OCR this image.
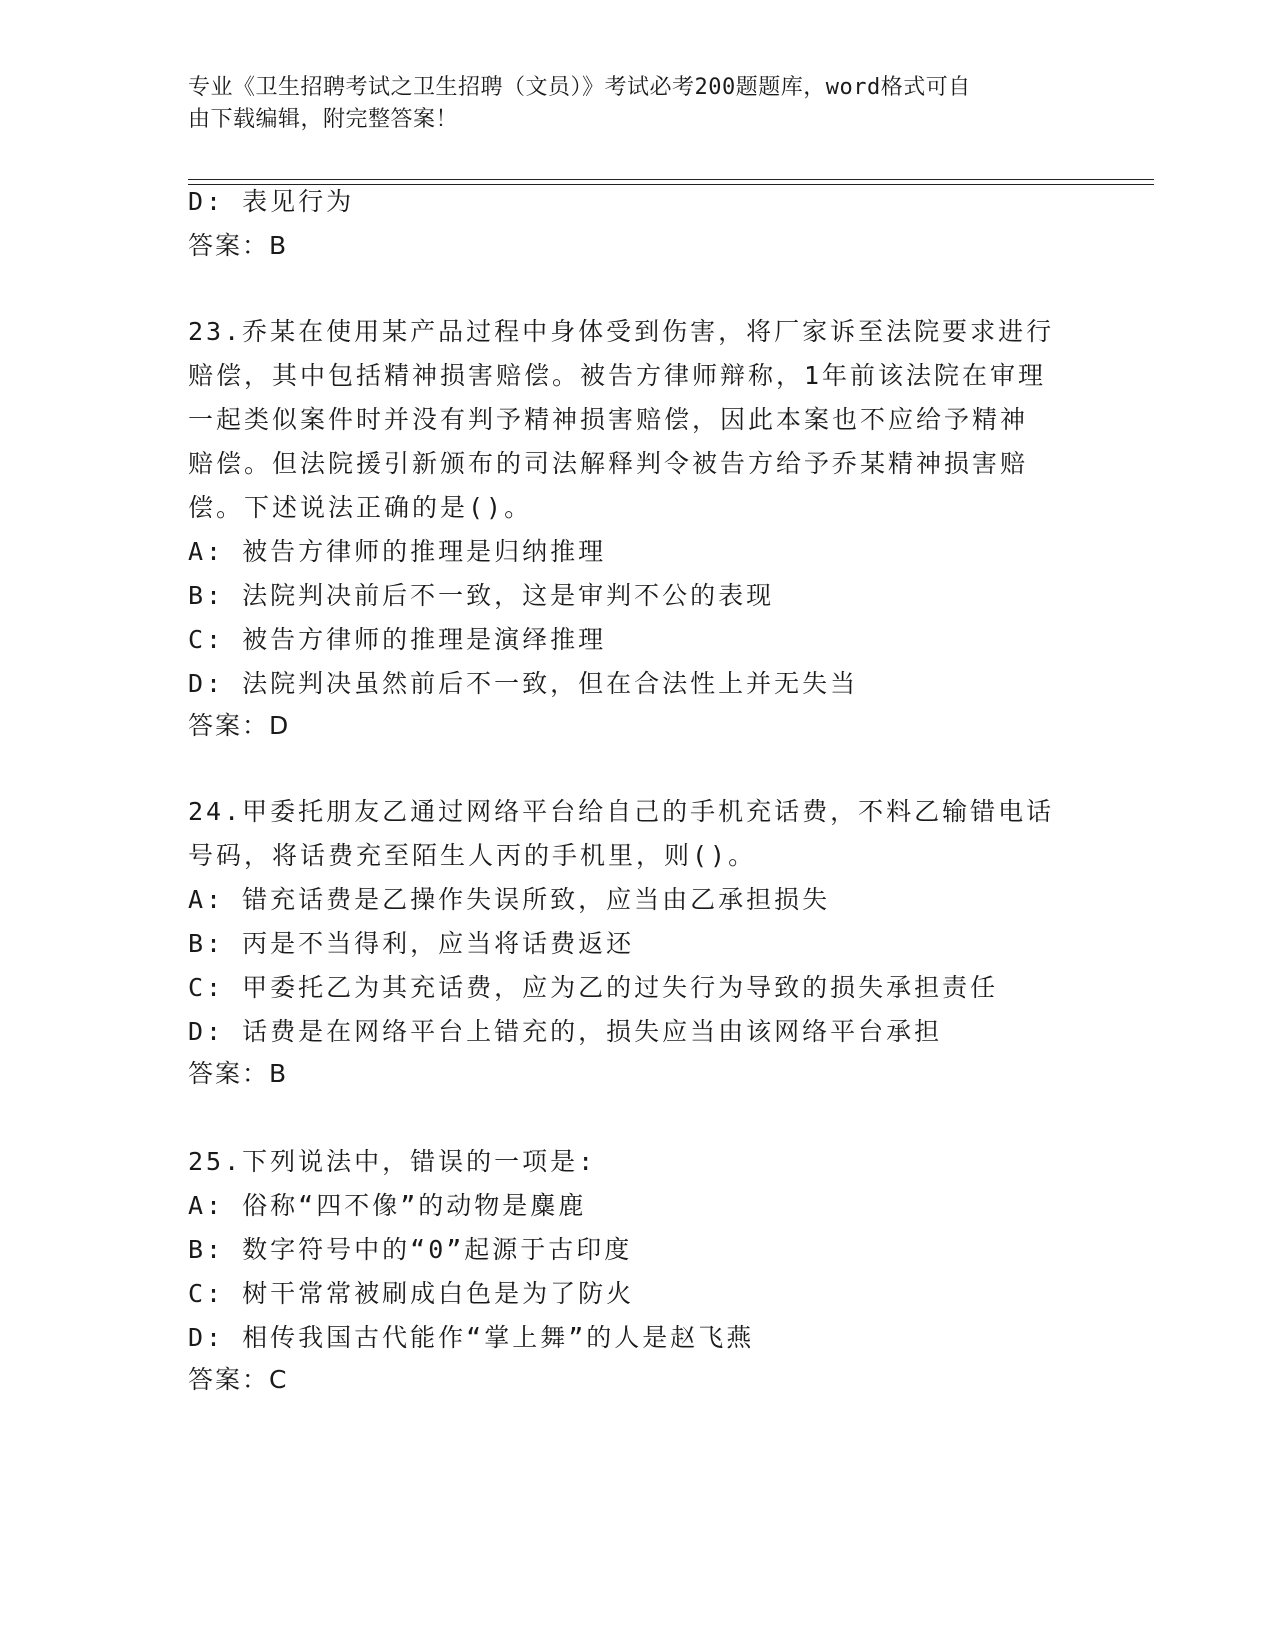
专业《卫生招聘考试之卫生招聘（文员）》考试必考200题题库，word格式可自
由下载编辑，附完整答案！
D: 表见行为
答案：B
23.乔某在使用某产品过程中身体受到伤害，将厂家诉至法院要求进行
赔偿，其中包括精神损害赔偿。被告方律师辩称，1年前该法院在审理
一起类似案件时并没有判予精神损害赔偿，因此本案也不应给予精神
赔偿。但法院援引新颁布的司法解释判令被告方给予乔某精神损害赔
偿。下述说法正确的是()。
A: 被告方律师的推理是归纳推理
B: 法院判决前后不一致，这是审判不公的表现
C: 被告方律师的推理是演绎推理
D: 法院判决虽然前后不一致，但在合法性上并无失当
答案：D
24.甲委托朋友乙通过网络平台给自己的手机充话费，不料乙输错电话
号码，将话费充至陌生人丙的手机里，则()。
A: 错充话费是乙操作失误所致，应当由乙承担损失
B: 丙是不当得利，应当将话费返还
C: 甲委托乙为其充话费，应为乙的过失行为导致的损失承担责任
D: 话费是在网络平台上错充的，损失应当由该网络平台承担
答案：B
25.下列说法中，错误的一项是:
A: 俗称“四不像”的动物是麋鹿
B: 数字符号中的“0”起源于古印度
C: 树干常常被刷成白色是为了防火
D: 相传我国古代能作“掌上舞”的人是赵飞燕
答案：C
